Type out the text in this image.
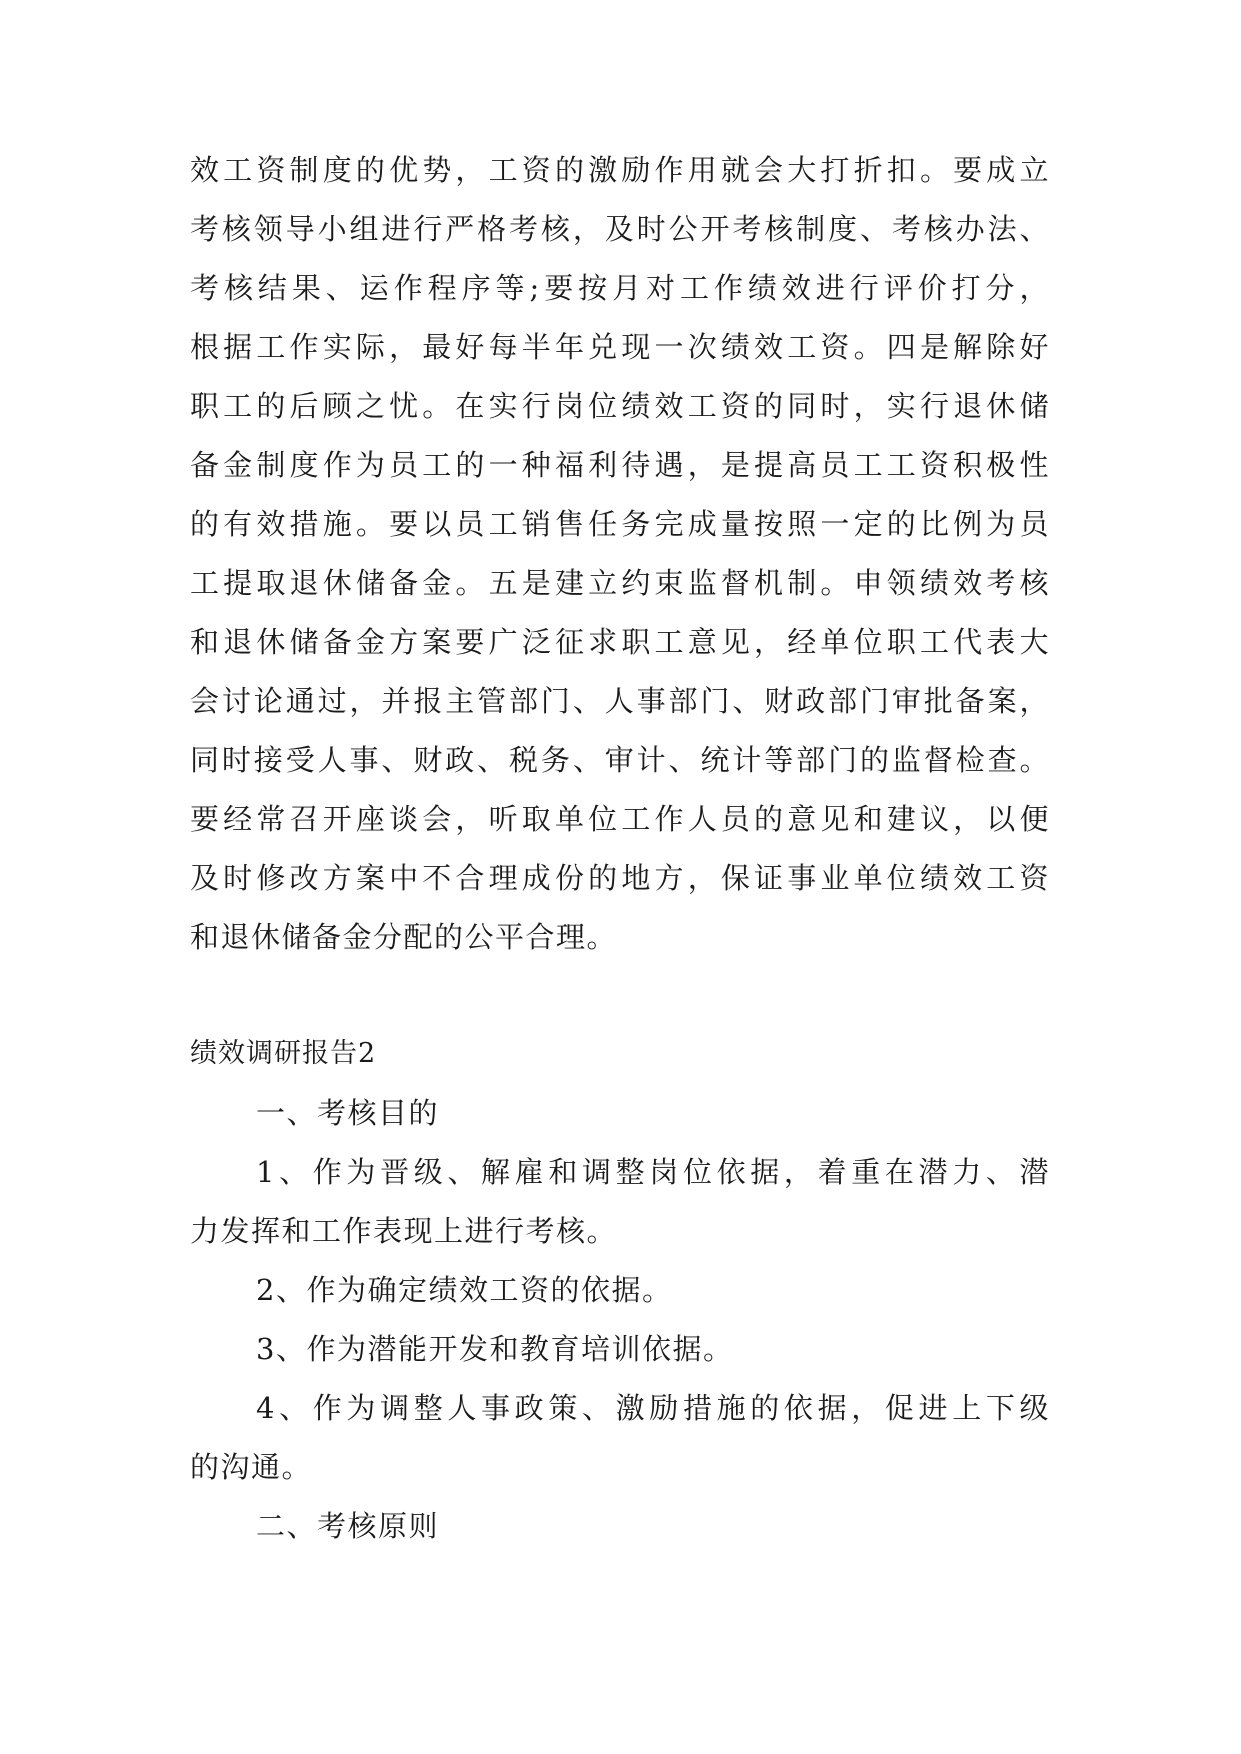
效工资制度的优势，工资的激励作用就会大打折扣。要成立
考核领导小组进行严格考核，及时公开考核制度、考核办法、
考核结果、运作程序等;要按月对工作绩效进行评价打分，
根据工作实际，最好每半年兑现一次绩效工资。四是解除好
职工的后顾之忧。在实行岗位绩效工资的同时，实行退休储
备金制度作为员工的一种福利待遇，是提高员工工资积极性
的有效措施。要以员工销售任务完成量按照一定的比例为员
工提取退休储备金。五是建立约束监督机制。申领绩效考核
和退休储备金方案要广泛征求职工意见，经单位职工代表大
会讨论通过，并报主管部门、人事部门、财政部门审批备案，
同时接受人事、财政、税务、审计、统计等部门的监督检查。
要经常召开座谈会，听取单位工作人员的意见和建议，以便
及时修改方案中不合理成份的地方，保证事业单位绩效工资
和退休储备金分配的公平合理。
绩效调研报告2
一、考核目的
1、作为晋级、解雇和调整岗位依据，着重在潜力、潜
力发挥和工作表现上进行考核。
2、作为确定绩效工资的依据。
3、作为潜能开发和教育培训依据。
4、作为调整人事政策、激励措施的依据，促进上下级
的沟通。
二、考核原则
